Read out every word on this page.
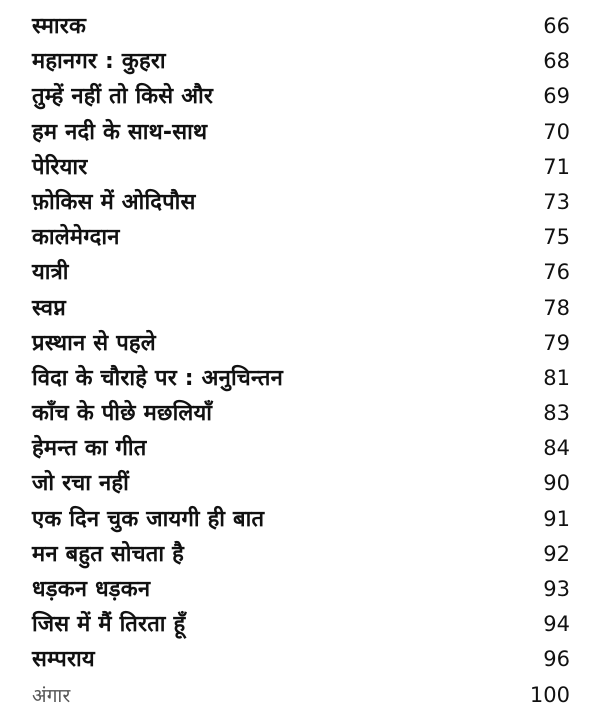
स्मारक	66
महानगर : कुहरा	68
तुम्हें नहीं तो किसे और	69
हम नदी के साथ-साथ	70
पेरियार	71
फ़ोकिस में ओदिपौस	73
कालेमेग्दान	75
यात्री	76
स्वप्न	78
प्रस्थान से पहले	79
विदा के चौराहे पर : अनुचिन्तन	81
काँच के पीछे मछलियाँ	83
हेमन्त का गीत	84
जो रचा नहीं	90
एक दिन चुक जायगी ही बात	91
मन बहुत सोचता है	92
धड़कन धड़कन	93
जिस में मैं तिरता हूँ	94
सम्पराय	96
अंगार	100
